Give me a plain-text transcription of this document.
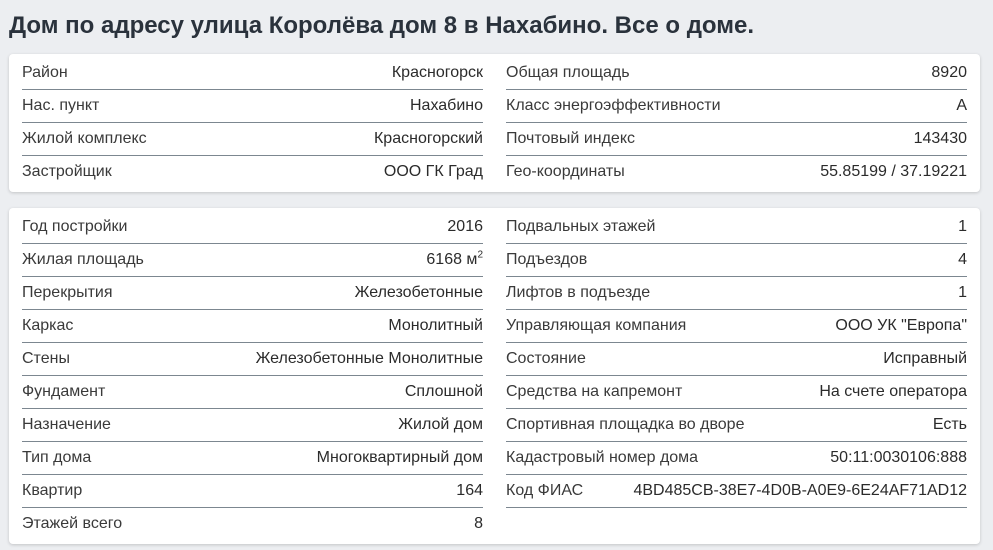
Дом по адресу улица Королёва дом 8 в Нахабино. Все о доме.
Район	Красногорск
Нас. пункт	Нахабино
Жилой комплекс	Красногорский
Застройщик	ООО ГК Град
Общая площадь	8920
Класс энергоэффективности	A
Почтовый индекс	143430
Гео-координаты	55.85199 / 37.19221
Год постройки	2016
Жилая площадь	6168 $м^2$
Перекрытия	Железобетонные
Каркас	Монолитный
Стены	Железобетонные Монолитные
Фундамент	Сплошной
Назначение	Жилой дом
Тип дома	Многоквартирный дом
Квартир	164
Этажей всего	8
Подвальных этажей	1
Подъездов	4
Лифтов в подъезде	1
Управляющая компания	ООО УК "Европа"
Состояние	Исправный
Средства на капремонт	На счете оператора
Спортивная площадка во дворе	Есть
Кадастровый номер дома	50:11:0030106:888
Код ФИАС	4BD485CB-38E7-4D0B-A0E9-6E24AF71AD12
